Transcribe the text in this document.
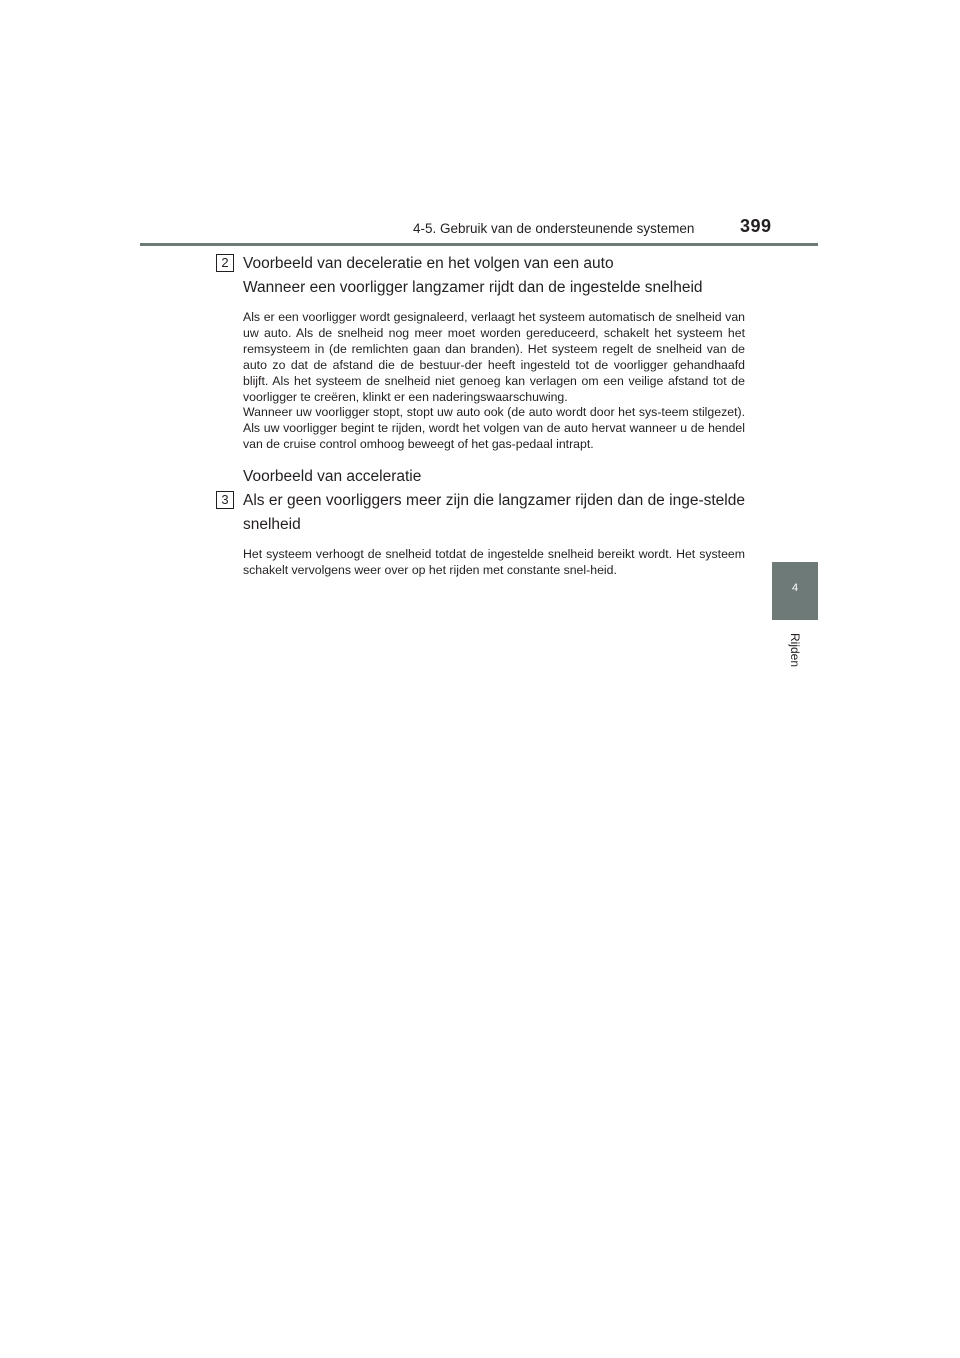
4-5. Gebruik van de ondersteunende systemen	399
4
Rijden
2
3

Voorbeeld van deceleratie en het volgen van een auto
Wanneer een voorligger langzamer rijdt dan de ingestelde snelheid

Als er een voorligger wordt gesignaleerd, verlaagt het systeem automatisch de snelheid van uw auto. Als de snelheid nog meer moet worden gereduceerd, schakelt het systeem het remsysteem in (de remlichten gaan dan branden). Het systeem regelt de snelheid van de auto zo dat de afstand die de bestuur-der heeft ingesteld tot de voorligger gehandhaafd blijft. Als het systeem de snelheid niet genoeg kan verlagen om een veilige afstand tot de voorligger te creëren, klinkt er een naderingswaarschuwing.

Wanneer uw voorligger stopt, stopt uw auto ook (de auto wordt door het sys-teem stilgezet). Als uw voorligger begint te rijden, wordt het volgen van de auto hervat wanneer u de hendel van de cruise control omhoog beweegt of het gas-pedaal intrapt.

Voorbeeld van acceleratie
Als er geen voorliggers meer zijn die langzamer rijden dan de inge-stelde snelheid

Het systeem verhoogt de snelheid totdat de ingestelde snelheid bereikt wordt. Het systeem schakelt vervolgens weer over op het rijden met constante snel-heid.
